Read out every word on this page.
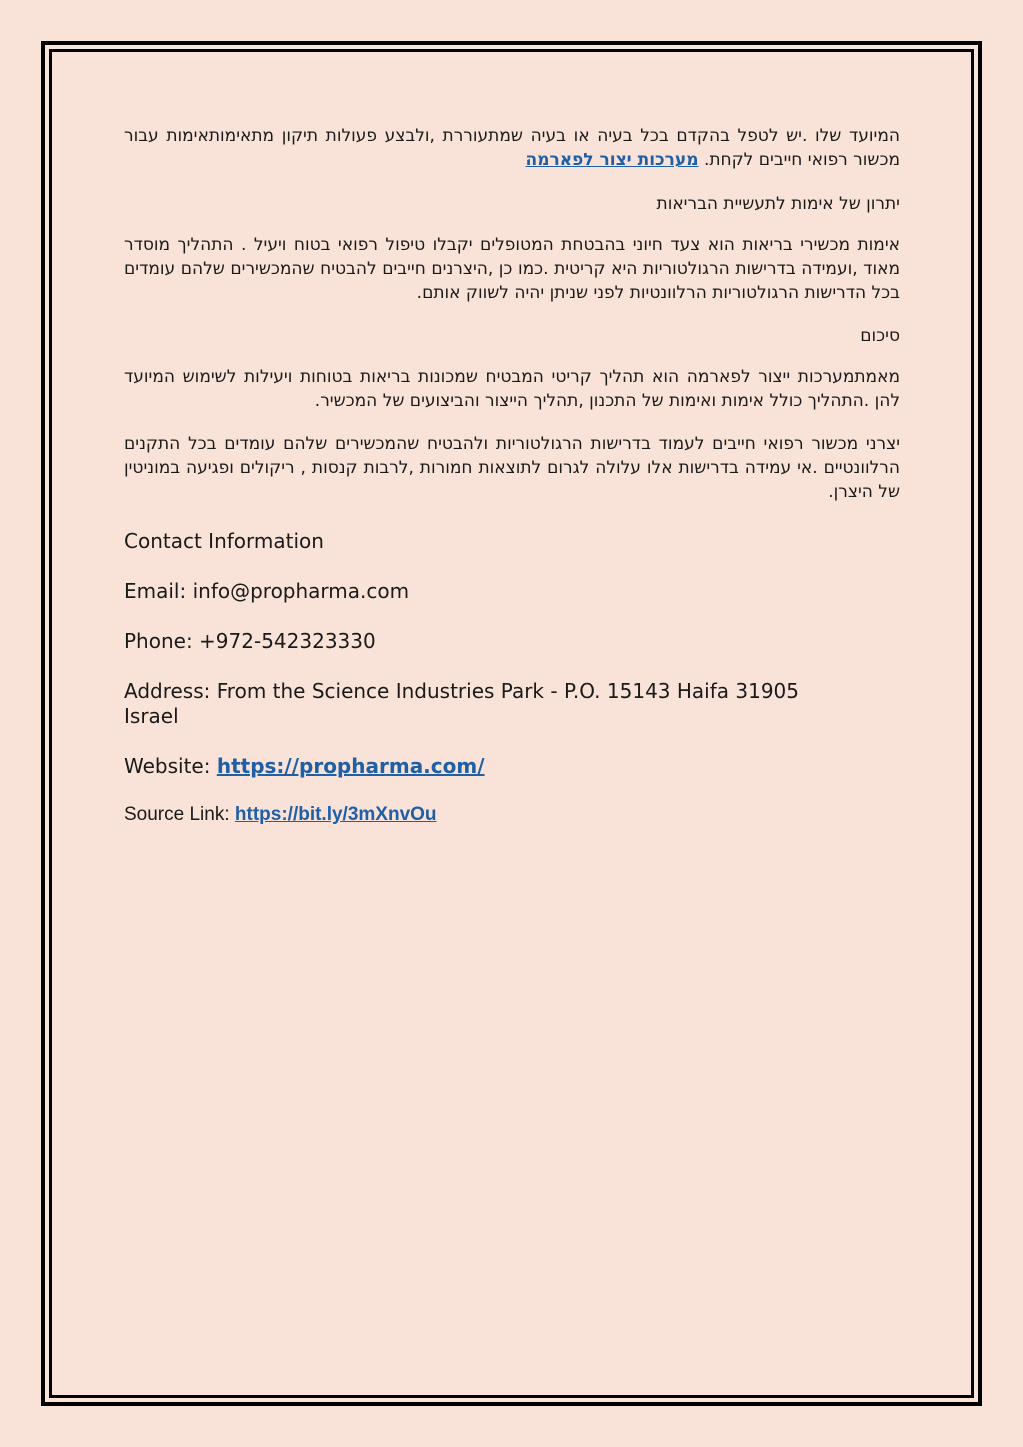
המיועד שלו .יש לטפל בהקדם בכל בעיה או בעיה שמתעוררת ,ולבצע פעולות תיקון מתאימותאימות עבור מכשור רפואי חייבים לקחת. מערכות יצור לפארמה

יתרון של אימות לתעשיית הבריאות

אימות מכשירי בריאות הוא צעד חיוני בהבטחת המטופלים יקבלו טיפול רפואי בטוח ויעיל . התהליך מוסדר מאוד ,ועמידה בדרישות הרגולטוריות היא קריטית .כמו כן ,היצרנים חייבים להבטיח שהמכשירים שלהם עומדים בכל הדרישות הרגולטוריות הרלוונטיות לפני שניתן יהיה לשווק אותם.

סיכום

מאמתמערכות ייצור לפארמה הוא תהליך קריטי המבטיח שמכונות בריאות בטוחות ויעילות לשימוש המיועד להן .התהליך כולל אימות ואימות של התכנון ,תהליך הייצור והביצועים של המכשיר.

יצרני מכשור רפואי חייבים לעמוד בדרישות הרגולטוריות ולהבטיח שהמכשירים שלהם עומדים בכל התקנים הרלוונטיים .אי עמידה בדרישות אלו עלולה לגרום לתוצאות חמורות ,לרבות קנסות , ריקולים ופגיעה במוניטין של היצרן.

Contact Information

Email: info@propharma.com

Phone: +972-542323330

Address: From the Science Industries Park - P.O. 15143 Haifa 31905 Israel

Website: https://propharma.com/

Source Link: https://bit.ly/3mXnvOu
